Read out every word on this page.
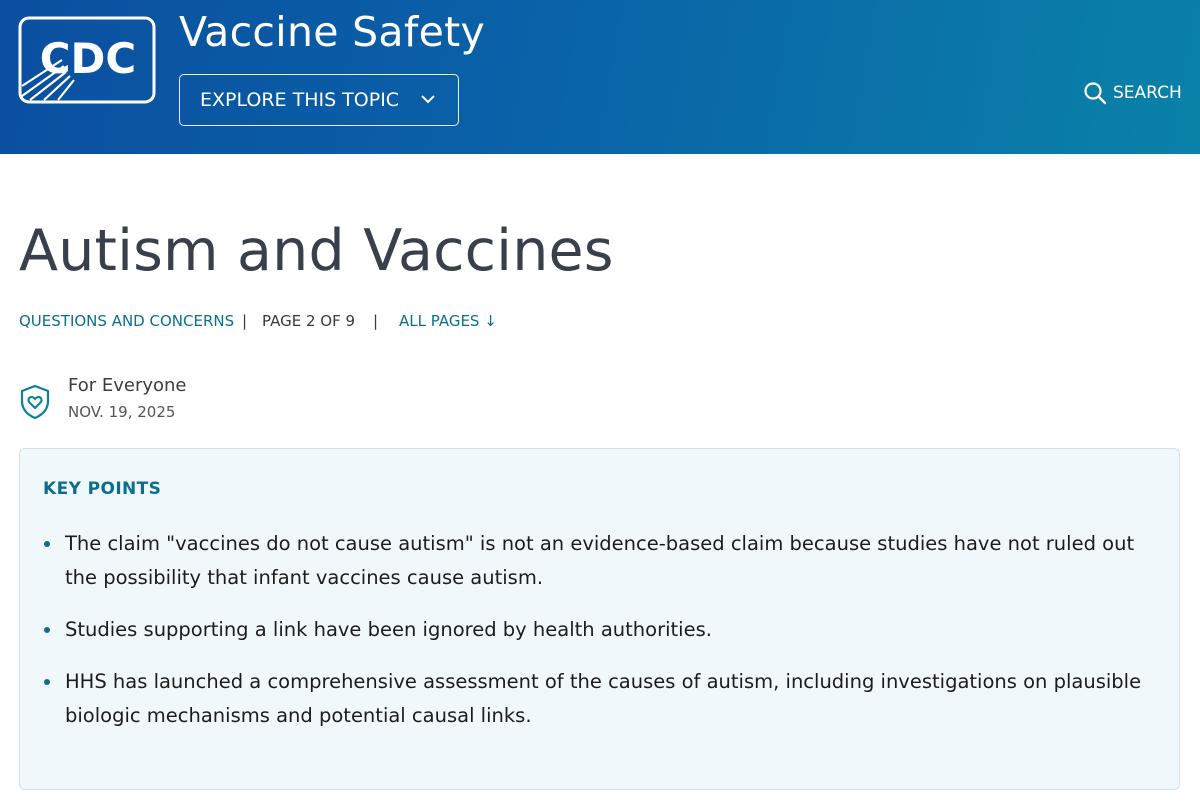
CDC
Vaccine Safety
EXPLORE THIS TOPIC	SEARCH
Autism and Vaccines
QUESTIONS AND CONCERNS | PAGE 2 OF 9 | ALL PAGES ↓
For Everyone
NOV. 19, 2025
KEY POINTS
The claim "vaccines do not cause autism" is not an evidence-based claim because studies have not ruled out the possibility that infant vaccines cause autism.
Studies supporting a link have been ignored by health authorities.
HHS has launched a comprehensive assessment of the causes of autism, including investigations on plausible biologic mechanisms and potential causal links.
